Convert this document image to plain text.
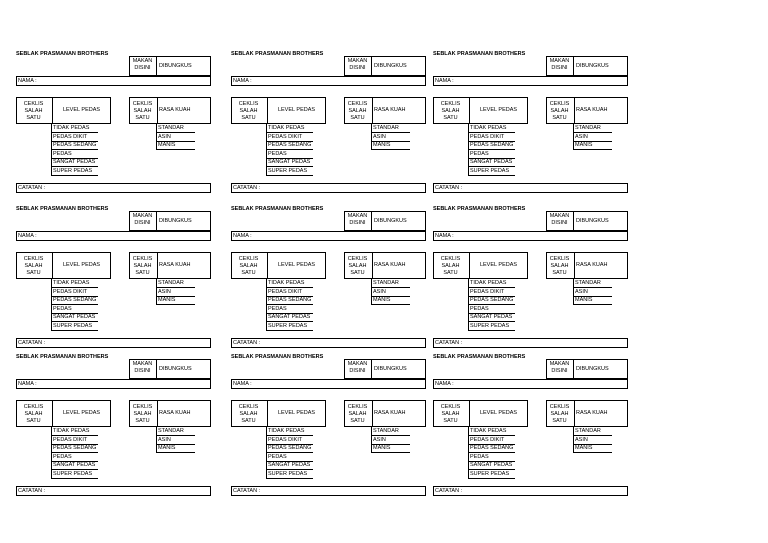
SEBLAK PRASMANAN BROTHERS
MAKAN
DISINI	DIBUNGKUS
NAMA :
CEKLIS
SALAH
SATU
LEVEL PEDAS
TIDAK PEDAS
PEDAS DIKIT
PEDAS SEDANG
PEDAS
SANGAT PEDAS
SUPER PEDAS
CEKLIS
SALAH
SATU
RASA KUAH
STANDAR
ASIN
MANIS
CATATAN :
SEBLAK PRASMANAN BROTHERS
MAKAN
DISINI	DIBUNGKUS
NAMA :
CEKLIS
SALAH
SATU
LEVEL PEDAS
TIDAK PEDAS
PEDAS DIKIT
PEDAS SEDANG
PEDAS
SANGAT PEDAS
SUPER PEDAS
CEKLIS
SALAH
SATU
RASA KUAH
STANDAR
ASIN
MANIS
CATATAN :
SEBLAK PRASMANAN BROTHERS
MAKAN
DISINI	DIBUNGKUS
NAMA :
CEKLIS
SALAH
SATU
LEVEL PEDAS
TIDAK PEDAS
PEDAS DIKIT
PEDAS SEDANG
PEDAS
SANGAT PEDAS
SUPER PEDAS
CEKLIS
SALAH
SATU
RASA KUAH
STANDAR
ASIN
MANIS
CATATAN :
SEBLAK PRASMANAN BROTHERS
MAKAN
DISINI	DIBUNGKUS
NAMA :
CEKLIS
SALAH
SATU
LEVEL PEDAS
TIDAK PEDAS
PEDAS DIKIT
PEDAS SEDANG
PEDAS
SANGAT PEDAS
SUPER PEDAS
CEKLIS
SALAH
SATU
RASA KUAH
STANDAR
ASIN
MANIS
CATATAN :
SEBLAK PRASMANAN BROTHERS
MAKAN
DISINI	DIBUNGKUS
NAMA :
CEKLIS
SALAH
SATU
LEVEL PEDAS
TIDAK PEDAS
PEDAS DIKIT
PEDAS SEDANG
PEDAS
SANGAT PEDAS
SUPER PEDAS
CEKLIS
SALAH
SATU
RASA KUAH
STANDAR
ASIN
MANIS
CATATAN :
SEBLAK PRASMANAN BROTHERS
MAKAN
DISINI	DIBUNGKUS
NAMA :
CEKLIS
SALAH
SATU
LEVEL PEDAS
TIDAK PEDAS
PEDAS DIKIT
PEDAS SEDANG
PEDAS
SANGAT PEDAS
SUPER PEDAS
CEKLIS
SALAH
SATU
RASA KUAH
STANDAR
ASIN
MANIS
CATATAN :
SEBLAK PRASMANAN BROTHERS
MAKAN
DISINI	DIBUNGKUS
NAMA :
CEKLIS
SALAH
SATU
LEVEL PEDAS
TIDAK PEDAS
PEDAS DIKIT
PEDAS SEDANG
PEDAS
SANGAT PEDAS
SUPER PEDAS
CEKLIS
SALAH
SATU
RASA KUAH
STANDAR
ASIN
MANIS
CATATAN :
SEBLAK PRASMANAN BROTHERS
MAKAN
DISINI	DIBUNGKUS
NAMA :
CEKLIS
SALAH
SATU
LEVEL PEDAS
TIDAK PEDAS
PEDAS DIKIT
PEDAS SEDANG
PEDAS
SANGAT PEDAS
SUPER PEDAS
CEKLIS
SALAH
SATU
RASA KUAH
STANDAR
ASIN
MANIS
CATATAN :
SEBLAK PRASMANAN BROTHERS
MAKAN
DISINI	DIBUNGKUS
NAMA :
CEKLIS
SALAH
SATU
LEVEL PEDAS
TIDAK PEDAS
PEDAS DIKIT
PEDAS SEDANG
PEDAS
SANGAT PEDAS
SUPER PEDAS
CEKLIS
SALAH
SATU
RASA KUAH
STANDAR
ASIN
MANIS
CATATAN :
